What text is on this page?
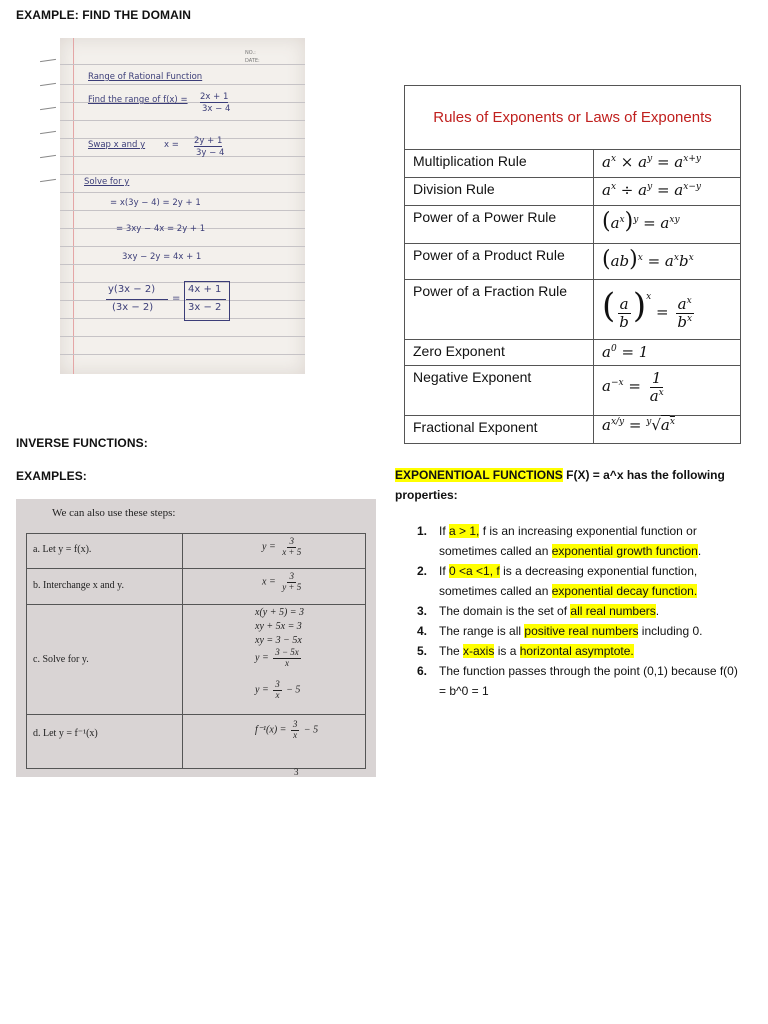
EXAMPLE: FIND THE DOMAIN
INVERSE FUNCTIONS:
EXAMPLES:
NO.:
DATE:
Range of Rational Function
Find the range of f(x) = 2x + 1
3x − 4
Swap x and y x = 2y + 1
3y − 4
Solve for y
= x(3y − 4) = 2y + 1
= 3xy − 4x = 2y + 1
3xy − 2y = 4x + 1
y(3x − 2)
(3x − 2)
=
4x + 1
3x − 2
Rules of Exponents or Laws of Exponents
Multiplication Rule	$a^x \times a^y = a^{x+y}$
Division Rule	$a^x \div a^y = a^{x-y}$
Power of a Power Rule $(a^x)^y = a^{xy}$
Power of a Product Rule $(ab)^x = a^xb^x$
Power of a Fraction Rule ( $\frac{a}{b} )^x = \frac{a^x}{b^x}$
Zero Exponent	$a^0 = 1$
Negative Exponent	$a^{-x} = \frac{1}{a^x}$
Fractional Exponent	$a^{x/y} = ^y√a^x$
We can also use these steps:
a. Let y = f(x).	$y = \frac{3}{x + 5}$
b. Interchange x and y.	$x = \frac{3}{y + 5}$
c. Solve for y.
x(y + 5) = 3
xy + 5x = 3
xy = 3 − 5x
$y = \frac{3 - 5x}{x}$
$y = \frac{3}{x} - 5$
d. Let y = f⁻¹(x)	$f^{-1}(x) = \frac{3}{x} - 5$
3
EXPONENTIOAL FUNCTIONS F(X) = a^x has the following properties:
1. If a > 1, f is an increasing exponential function or sometimes called an exponential growth function.
2. If 0 <a <1, f is a decreasing exponential function, sometimes called an exponential decay function.
3. The domain is the set of all real numbers.
4. The range is all positive real numbers including 0.
5. The x-axis is a horizontal asymptote.
6. The function passes through the point (0,1) because f(0) = b^0 = 1
